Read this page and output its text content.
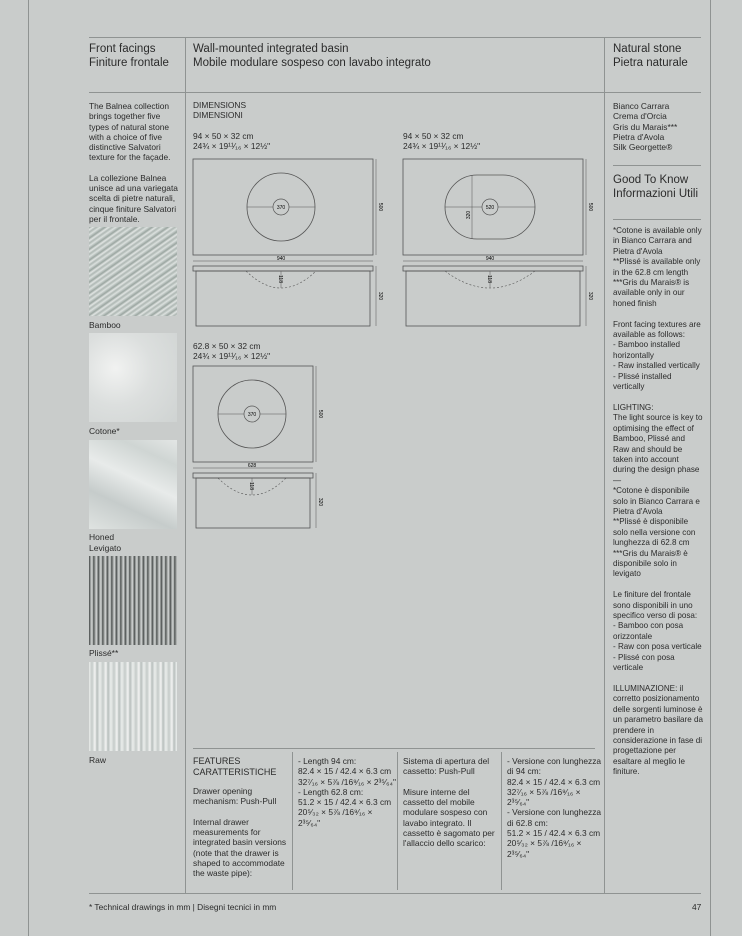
Front facings
Finiture frontale
The Balnea collection brings together five types of natural stone with a choice of five distinctive Salvatori texture for the façade.
La collezione Balnea unisce ad una variegata scelta di pietre naturali, cinque finiture Salvatori per il frontale.
Bamboo
Cotone*
Honed
Levigato
Plissé**
Raw
Wall-mounted integrated basin
Mobile modulare sospeso con lavabo integrato
DIMENSIONS
DIMENSIONI
94 × 50 × 32 cm
24¾ × 19¹¹⁄₁₆ × 12½"
370	500
940
118
320
94 × 50 × 32 cm
24¾ × 19¹¹⁄₁₆ × 12½"
520
320
500
940
118
320
62.8 × 50 × 32 cm
24¾ × 19¹¹⁄₁₆ × 12½"
370	500
628
118
320
FEATURES
CARATTERISTICHE
Drawer opening mechanism: Push-Pull

Internal drawer measurements for integrated basin versions (note that the drawer is shaped to accommodate the waste pipe):
- Length 94 cm:
82.4 × 15 / 42.4 × 6.3 cm
32⁷⁄₁₆ × 5⅞ /16⁹⁄₁₆ × 2³⁵⁄₆₄"
- Length 62.8 cm:
51.2 × 15 / 42.4 × 6.3 cm
20⁵⁄₃₂ × 5⅞ /16⁹⁄₁₆ × 2³⁵⁄₆₄"
Sistema di apertura del cassetto: Push-Pull

Misure interne del cassetto del mobile modulare sospeso con lavabo integrato. Il cassetto è sagomato per l'allaccio dello scarico:
- Versione con lunghezza di 94 cm:
82.4 × 15 / 42.4 × 6.3 cm
32⁷⁄₁₆ × 5⅞ /16⁹⁄₁₆ × 2³⁵⁄₆₄"
- Versione con lunghezza di 62.8 cm:
51.2 × 15 / 42.4 × 6.3 cm
20⁵⁄₃₂ × 5⅞ /16⁹⁄₁₆ × 2³⁵⁄₆₄"
Natural stone
Pietra naturale
Bianco Carrara
Crema d'Orcia
Gris du Marais***
Pietra d'Avola
Silk Georgette®
Good To Know
Informazioni Utili
*Cotone is available only in Bianco Carrara and Pietra d'Avola
**Plissé is available only in the 62.8 cm length
***Gris du Marais® is available only in our honed finish

Front facing textures are available as follows:
- Bamboo installed horizontally
- Raw installed vertically
- Plissé installed vertically

LIGHTING:
The light source is key to optimising the effect of Bamboo, Plissé and Raw and should be taken into account during the design phase
—
*Cotone è disponibile solo in Bianco Carrara e Pietra d'Avola
**Plissé è disponibile solo nella versione con lunghezza di 62.8 cm
***Gris du Marais® è disponibile solo in levigato

Le finiture del frontale sono disponibili in uno specifico verso di posa:
- Bamboo con posa orizzontale
- Raw con posa verticale
- Plissé con posa verticale

ILLUMINAZIONE: il corretto posizionamento delle sorgenti luminose è un parametro basilare da prendere in considerazione in fase di progettazione per esaltare al meglio le finiture.
* Technical drawings in mm | Disegni tecnici in mm	47
